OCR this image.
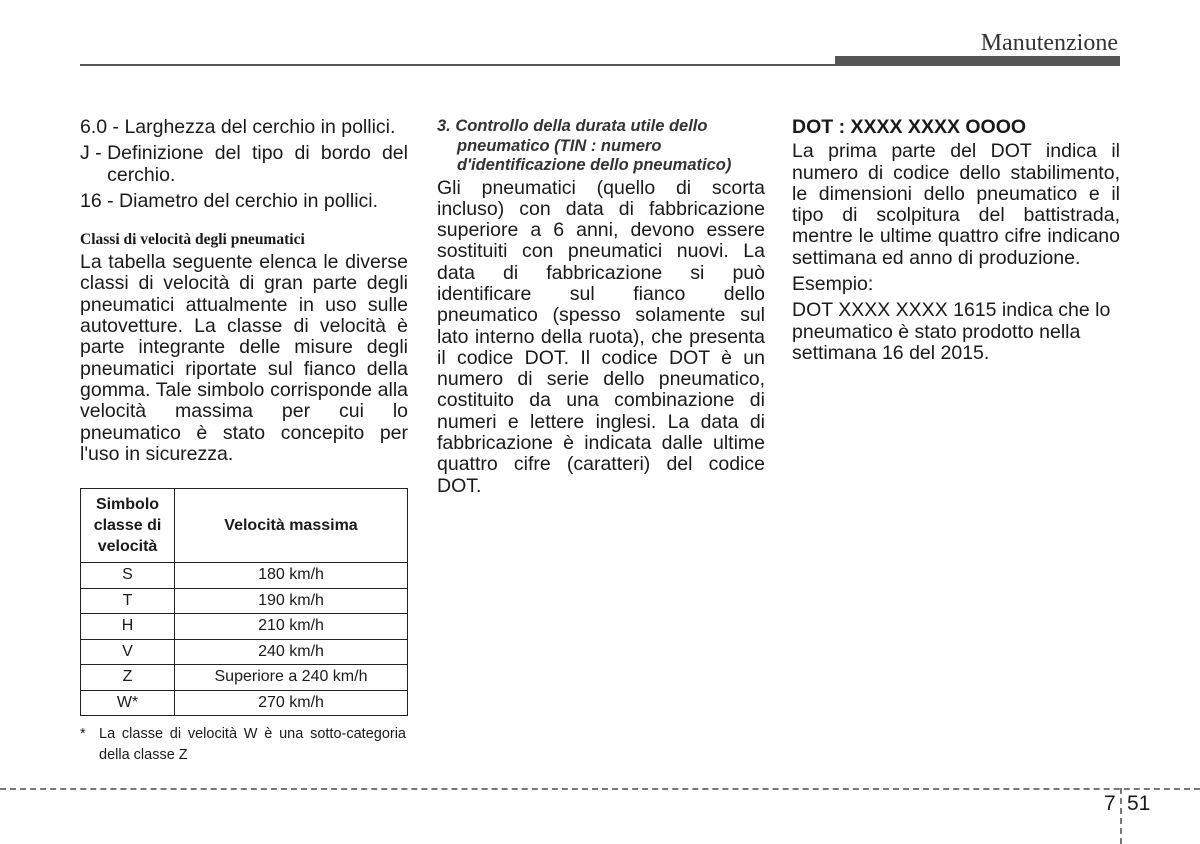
Manutenzione
6.0 - Larghezza del cerchio in pollici.
J - Definizione del tipo di bordo del cerchio.
16 - Diametro del cerchio in pollici.
Classi di velocità degli pneumatici
La tabella seguente elenca le diverse classi di velocità di gran parte degli pneumatici attualmente in uso sulle autovetture. La classe di velocità è parte integrante delle misure degli pneumatici riportate sul fianco della gomma. Tale simbolo corrisponde alla velocità massima per cui lo pneumatico è stato concepito per l'uso in sicurezza.
Simbolo classe di velocità	Velocità massima
S	180 km/h
T	190 km/h
H	210 km/h
V	240 km/h
Z	Superiore a 240 km/h
W*	270 km/h
* La classe di velocità W è una sotto-categoria della classe Z
3. Controllo della durata utile dello
pneumatico (TIN : numero
d'identificazione dello pneumatico)
Gli pneumatici (quello di scorta incluso) con data di fabbricazione superiore a 6 anni, devono essere sostituiti con pneumatici nuovi. La data di fabbricazione si può identificare sul fianco dello pneumatico (spesso solamente sul lato interno della ruota), che presenta il codice DOT. Il codice DOT è un numero di serie dello pneumatico, costituito da una combinazione di numeri e lettere inglesi. La data di fabbricazione è indicata dalle ultime quattro cifre (caratteri) del codice DOT.
DOT : XXXX XXXX OOOO
La prima parte del DOT indica il numero di codice dello stabilimento, le dimensioni dello pneumatico e il tipo di scolpitura del battistrada, mentre le ultime quattro cifre indicano settimana ed anno di produzione.
Esempio:
DOT XXXX XXXX 1615 indica che lo pneumatico è stato prodotto nella settimana 16 del 2015.
7 51
